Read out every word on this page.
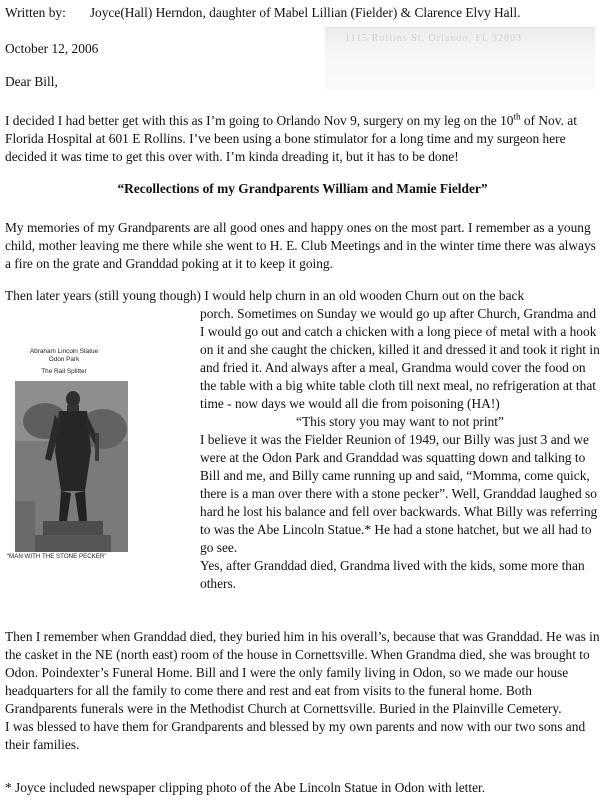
Written by: Joyce(Hall) Herndon, daughter of Mabel Lillian (Fielder) & Clarence Elvy Hall.

1115 Rollins St. Orlando, FL 32803

October 12, 2006

Dear Bill,

I decided I had better get with this as I’m going to Orlando Nov 9, surgery on my leg on the 10th of Nov. at Florida Hospital at 601 E Rollins. I’ve been using a bone stimulator for a long time and my surgeon here decided it was time to get this over with. I’m kinda dreading it, but it has to be done!

“Recollections of my Grandparents William and Mamie Fielder”

My memories of my Grandparents are all good ones and happy ones on the most part. I remember as a young child, mother leaving me there while she went to H. E. Club Meetings and in the winter time there was always a fire on the grate and Granddad poking at it to keep it going.

Then later years (still young though) I would help churn in an old wooden Churn out on the back

porch. Sometimes on Sunday we would go up after Church, Grandma and I would go out and catch a chicken with a long piece of metal with a hook on it and she caught the chicken, killed it and dressed it and took it right in and fried it. And always after a meal, Grandma would cover the food on the table with a big white table cloth till next meal, no refrigeration at that time - now days we would all die from poisoning (HA!)

“This story you may want to not print”

I believe it was the Fielder Reunion of 1949, our Billy was just 3 and we were at the Odon Park and Granddad was squatting down and talking to Bill and me, and Billy came running up and said, “Momma, come quick, there is a man over there with a stone pecker”. Well, Granddad laughed so hard he lost his balance and fell over backwards. What Billy was referring to was the Abe Lincoln Statue.* He had a stone hatchet, but we all had to go see.

Yes, after Granddad died, Grandma lived with the kids, some more than others.

Then I remember when Granddad died, they buried him in his overall’s, because that was Granddad. He was in the casket in the NE (north east) room of the house in Cornettsville. When Grandma died, she was brought to Odon. Poindexter’s Funeral Home. Bill and I were the only family living in Odon, so we made our house headquarters for all the family to come there and rest and eat from visits to the funeral home. Both Grandparents funerals were in the Methodist Church at Cornettsville. Buried in the Plainville Cemetery.
I was blessed to have them for Grandparents and blessed by my own parents and now with our two sons and their families.

* Joyce included newspaper clipping photo of the Abe Lincoln Statue in Odon with letter.

Abraham Lincoln Statue

Odon Park

The Rail Splitter

“MAN WITH THE STONE PECKER”
